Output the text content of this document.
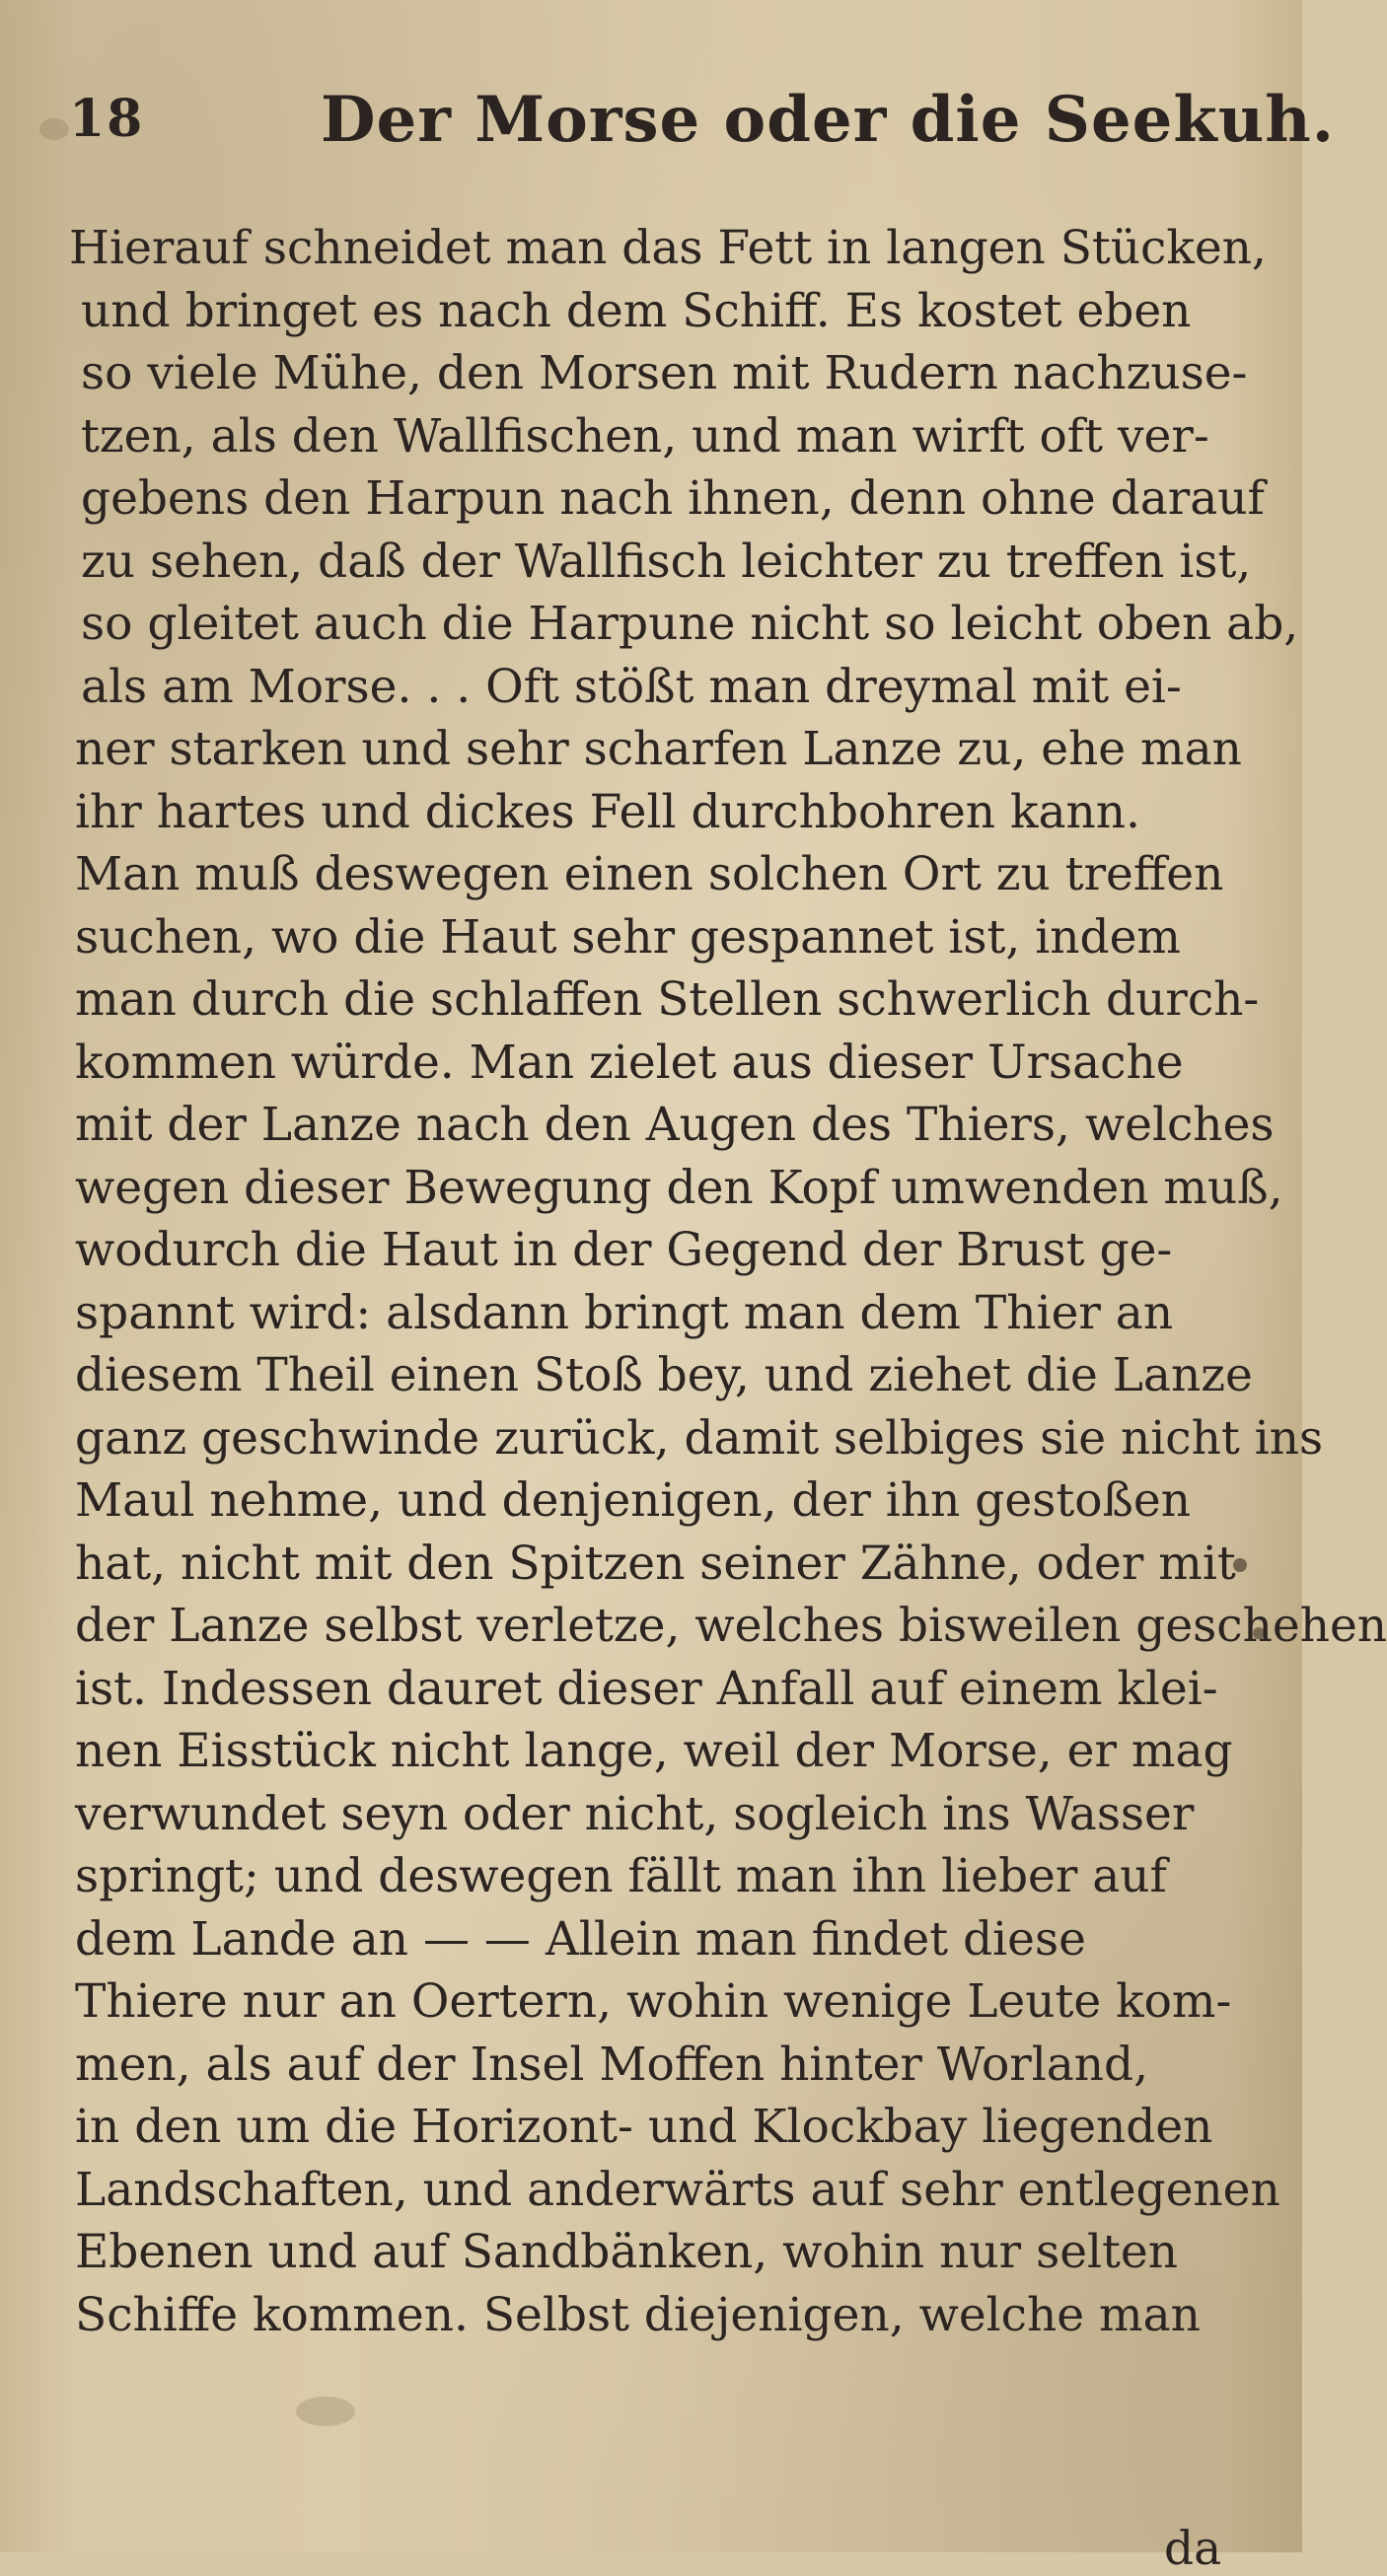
18	Der Morse oder die Seekuh.
Hierauf schneidet man das Fett in langen Stücken,
und bringet es nach dem Schiff. Es kostet eben
so viele Mühe, den Morsen mit Rudern nachzuse-
tzen, als den Wallfischen, und man wirft oft ver-
gebens den Harpun nach ihnen, denn ohne darauf
zu sehen, daß der Wallfisch leichter zu treffen ist,
so gleitet auch die Harpune nicht so leicht oben ab,
als am Morse. . . Oft stößt man dreymal mit ei-
ner starken und sehr scharfen Lanze zu, ehe man
ihr hartes und dickes Fell durchbohren kann.
Man muß deswegen einen solchen Ort zu treffen
suchen, wo die Haut sehr gespannet ist, indem
man durch die schlaffen Stellen schwerlich durch-
kommen würde. Man zielet aus dieser Ursache
mit der Lanze nach den Augen des Thiers, welches
wegen dieser Bewegung den Kopf umwenden muß,
wodurch die Haut in der Gegend der Brust ge-
spannt wird: alsdann bringt man dem Thier an
diesem Theil einen Stoß bey, und ziehet die Lanze
ganz geschwinde zurück, damit selbiges sie nicht ins
Maul nehme, und denjenigen, der ihn gestoßen
hat, nicht mit den Spitzen seiner Zähne, oder mit
der Lanze selbst verletze, welches bisweilen geschehen
ist. Indessen dauret dieser Anfall auf einem klei-
nen Eisstück nicht lange, weil der Morse, er mag
verwundet seyn oder nicht, sogleich ins Wasser
springt; und deswegen fällt man ihn lieber auf
dem Lande an — — Allein man findet diese
Thiere nur an Oertern, wohin wenige Leute kom-
men, als auf der Insel Moffen hinter Worland,
in den um die Horizont- und Klockbay liegenden
Landschaften, und anderwärts auf sehr entlegenen
Ebenen und auf Sandbänken, wohin nur selten
Schiffe kommen. Selbst diejenigen, welche man
da
